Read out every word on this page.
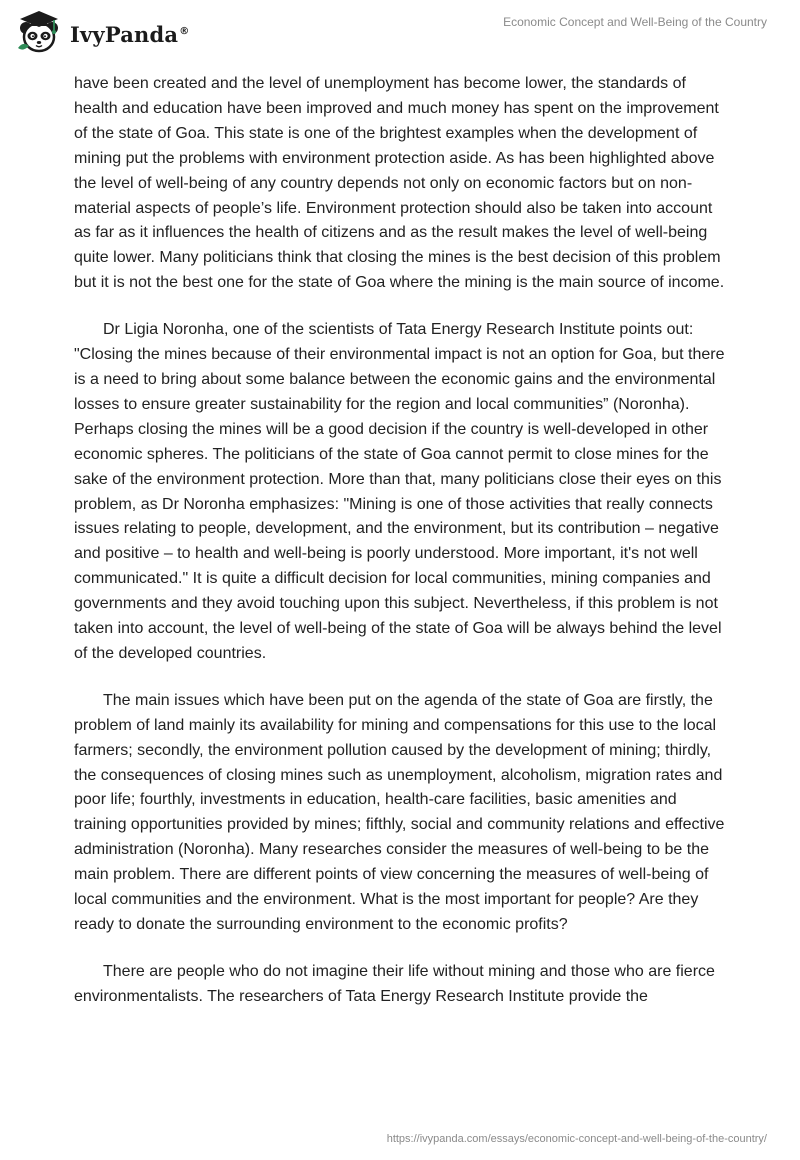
IvyPanda®
Economic Concept and Well-Being of the Country

have been created and the level of unemployment has become lower, the standards of health and education have been improved and much money has spent on the improvement of the state of Goa. This state is one of the brightest examples when the development of mining put the problems with environment protection aside. As has been highlighted above the level of well-being of any country depends not only on economic factors but on non-material aspects of people’s life. Environment protection should also be taken into account as far as it influences the health of citizens and as the result makes the level of well-being quite lower. Many politicians think that closing the mines is the best decision of this problem but it is not the best one for the state of Goa where the mining is the main source of income.

Dr Ligia Noronha, one of the scientists of Tata Energy Research Institute points out: "Closing the mines because of their environmental impact is not an option for Goa, but there is a need to bring about some balance between the economic gains and the environmental losses to ensure greater sustainability for the region and local communities” (Noronha). Perhaps closing the mines will be a good decision if the country is well-developed in other economic spheres. The politicians of the state of Goa cannot permit to close mines for the sake of the environment protection. More than that, many politicians close their eyes on this problem, as Dr Noronha emphasizes: "Mining is one of those activities that really connects issues relating to people, development, and the environment, but its contribution – negative and positive – to health and well-being is poorly understood. More important, it's not well communicated." It is quite a difficult decision for local communities, mining companies and governments and they avoid touching upon this subject. Nevertheless, if this problem is not taken into account, the level of well-being of the state of Goa will be always behind the level of the developed countries.

The main issues which have been put on the agenda of the state of Goa are firstly, the problem of land mainly its availability for mining and compensations for this use to the local farmers; secondly, the environment pollution caused by the development of mining; thirdly, the consequences of closing mines such as unemployment, alcoholism, migration rates and poor life; fourthly, investments in education, health-care facilities, basic amenities and training opportunities provided by mines; fifthly, social and community relations and effective administration (Noronha). Many researches consider the measures of well-being to be the main problem. There are different points of view concerning the measures of well-being of local communities and the environment. What is the most important for people? Are they ready to donate the surrounding environment to the economic profits?

There are people who do not imagine their life without mining and those who are fierce environmentalists. The researchers of Tata Energy Research Institute provide the

https://ivypanda.com/essays/economic-concept-and-well-being-of-the-country/
